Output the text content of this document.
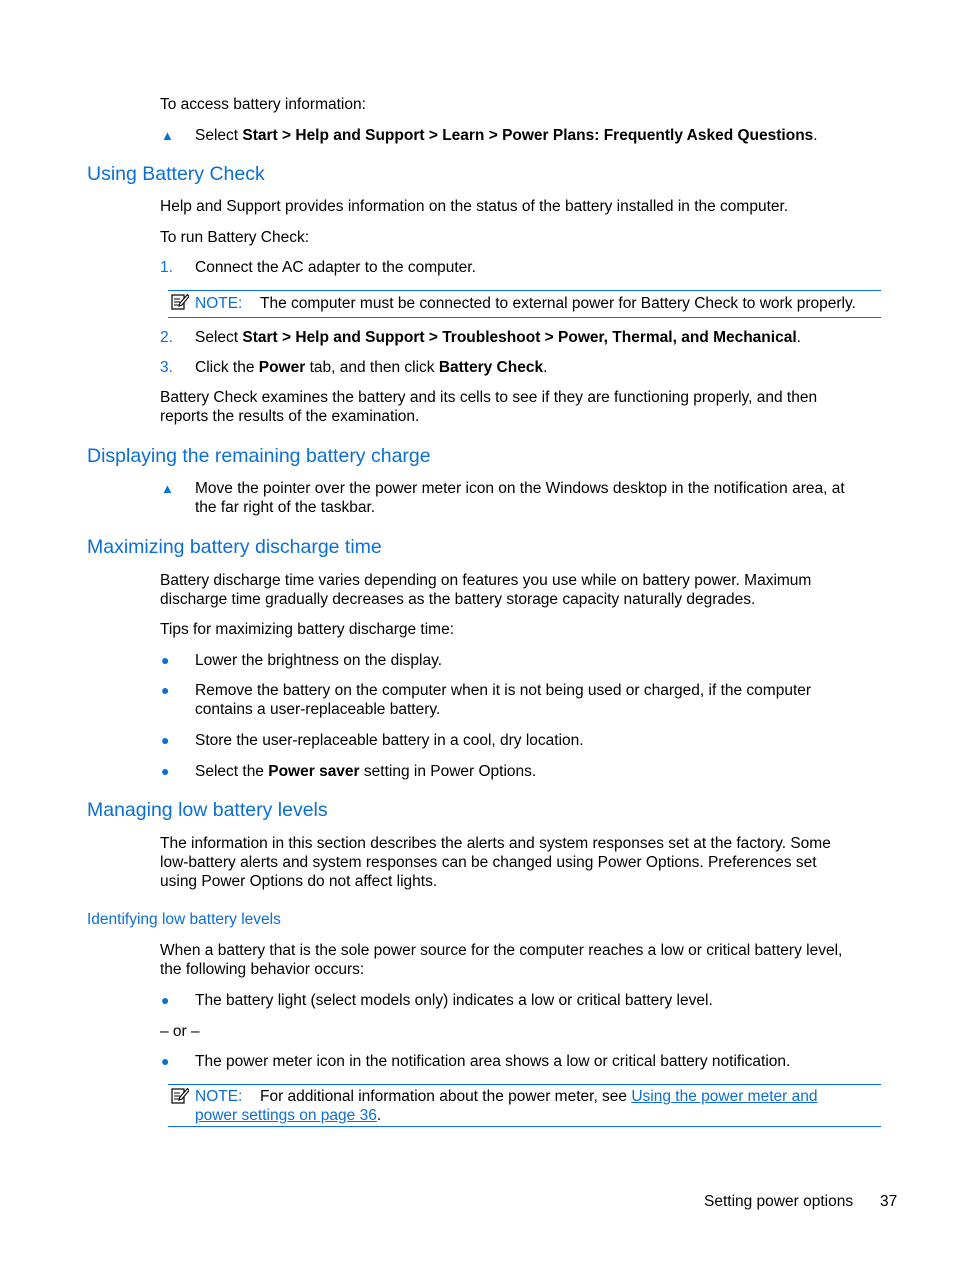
To access battery information:
▲ Select Start > Help and Support > Learn > Power Plans: Frequently Asked Questions.
Using Battery Check
Help and Support provides information on the status of the battery installed in the computer.
To run Battery Check:
1. Connect the AC adapter to the computer.
NOTE: The computer must be connected to external power for Battery Check to work properly.
2. Select Start > Help and Support > Troubleshoot > Power, Thermal, and Mechanical.
3. Click the Power tab, and then click Battery Check.
Battery Check examines the battery and its cells to see if they are functioning properly, and then
reports the results of the examination.
Displaying the remaining battery charge
▲ Move the pointer over the power meter icon on the Windows desktop in the notification area, at
the far right of the taskbar.
Maximizing battery discharge time
Battery discharge time varies depending on features you use while on battery power. Maximum
discharge time gradually decreases as the battery storage capacity naturally degrades.
Tips for maximizing battery discharge time:
● Lower the brightness on the display.
● Remove the battery on the computer when it is not being used or charged, if the computer
contains a user-replaceable battery.
● Store the user-replaceable battery in a cool, dry location.
● Select the Power saver setting in Power Options.
Managing low battery levels
The information in this section describes the alerts and system responses set at the factory. Some
low-battery alerts and system responses can be changed using Power Options. Preferences set
using Power Options do not affect lights.
Identifying low battery levels
When a battery that is the sole power source for the computer reaches a low or critical battery level,
the following behavior occurs:
● The battery light (select models only) indicates a low or critical battery level.
– or –
● The power meter icon in the notification area shows a low or critical battery notification.
NOTE: For additional information about the power meter, see Using the power meter and
power settings on page 36.
Setting power options 37
